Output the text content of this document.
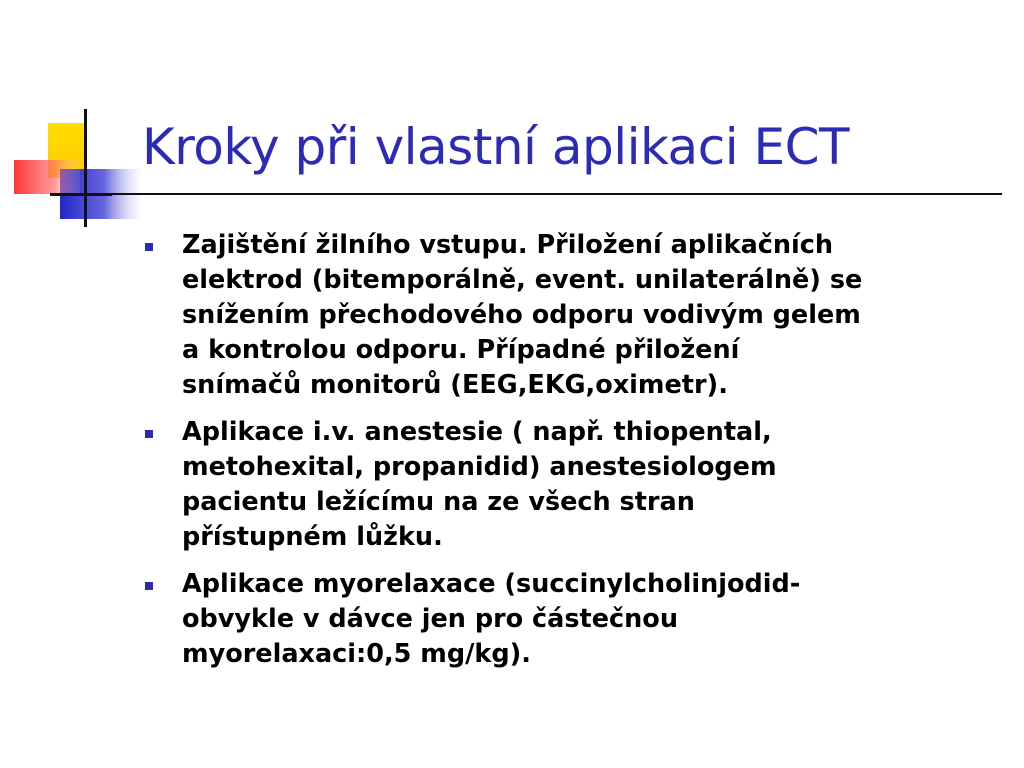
Kroky při vlastní aplikaci ECT
Zajištění žilního vstupu. Přiložení aplikačních
elektrod (bitemporálně, event. unilaterálně) se
snížením přechodového odporu vodivým gelem
a kontrolou odporu. Případné přiložení
snímačů monitorů (EEG,EKG,oximetr).
Aplikace i.v. anestesie ( např. thiopental,
metohexital, propanidid) anestesiologem
pacientu ležícímu na ze všech stran
přístupném lůžku.
Aplikace myorelaxace (succinylcholinjodid-
obvykle v dávce jen pro částečnou
myorelaxaci:0,5 mg/kg).
